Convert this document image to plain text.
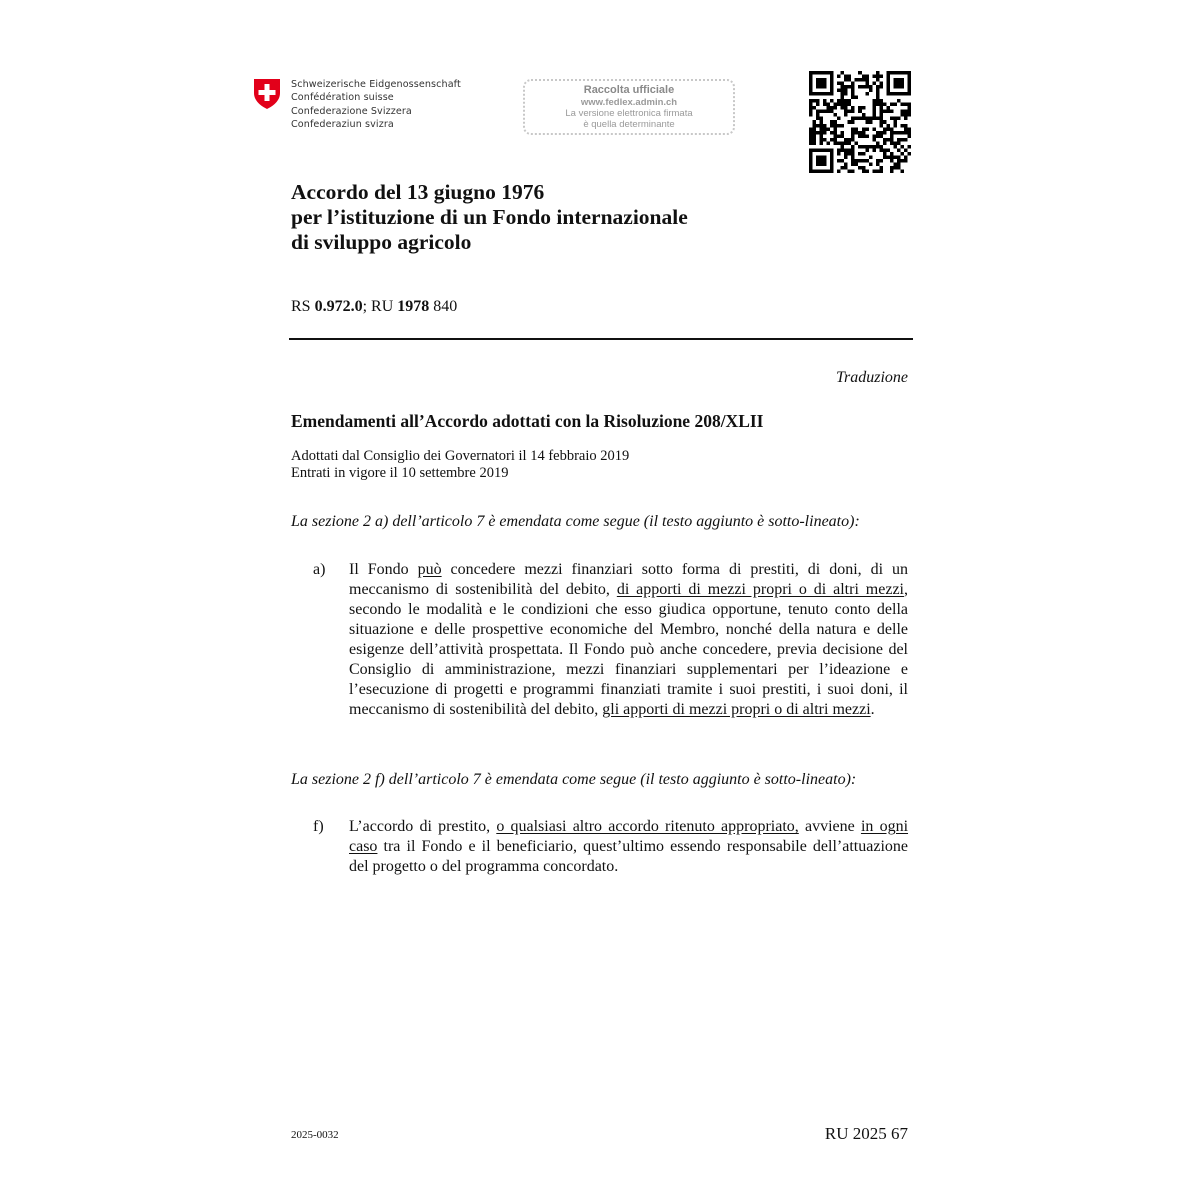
Schweizerische Eidgenossenschaft
Confédération suisse
Confederazione Svizzera
Confederaziun svizra
Raccolta ufficiale
www.fedlex.admin.ch
La versione elettronica firmata
è quella determinante
Accordo del 13 giugno 1976
per l’istituzione di un Fondo internazionale
di sviluppo agricolo
RS 0.972.0; RU 1978 840
Traduzione
Emendamenti all’Accordo adottati con la Risoluzione 208/XLII
Adottati dal Consiglio dei Governatori il 14 febbraio 2019
Entrati in vigore il 10 settembre 2019
La sezione 2 a) dell’articolo 7 è emendata come segue (il testo aggiunto è sotto-lineato):
a) Il Fondo può concedere mezzi finanziari sotto forma di prestiti, di doni, di un meccanismo di sostenibilità del debito, di apporti di mezzi propri o di altri mezzi, secondo le modalità e le condizioni che esso giudica opportune, tenuto conto della situazione e delle prospettive economiche del Membro, nonché della natura e delle esigenze dell’attività prospettata. Il Fondo può anche concedere, previa decisione del Consiglio di amministrazione, mezzi finanziari supplementari per l’ideazione e l’esecuzione di progetti e programmi finanziati tramite i suoi prestiti, i suoi doni, il meccanismo di sostenibilità del debito, gli apporti di mezzi propri o di altri mezzi.
La sezione 2 f) dell’articolo 7 è emendata come segue (il testo aggiunto è sotto-lineato):
f) L’accordo di prestito, o qualsiasi altro accordo ritenuto appropriato, avviene in ogni caso tra il Fondo e il beneficiario, quest’ultimo essendo responsabile dell’attuazione del progetto o del programma concordato.
2025-0032	RU 2025 67
